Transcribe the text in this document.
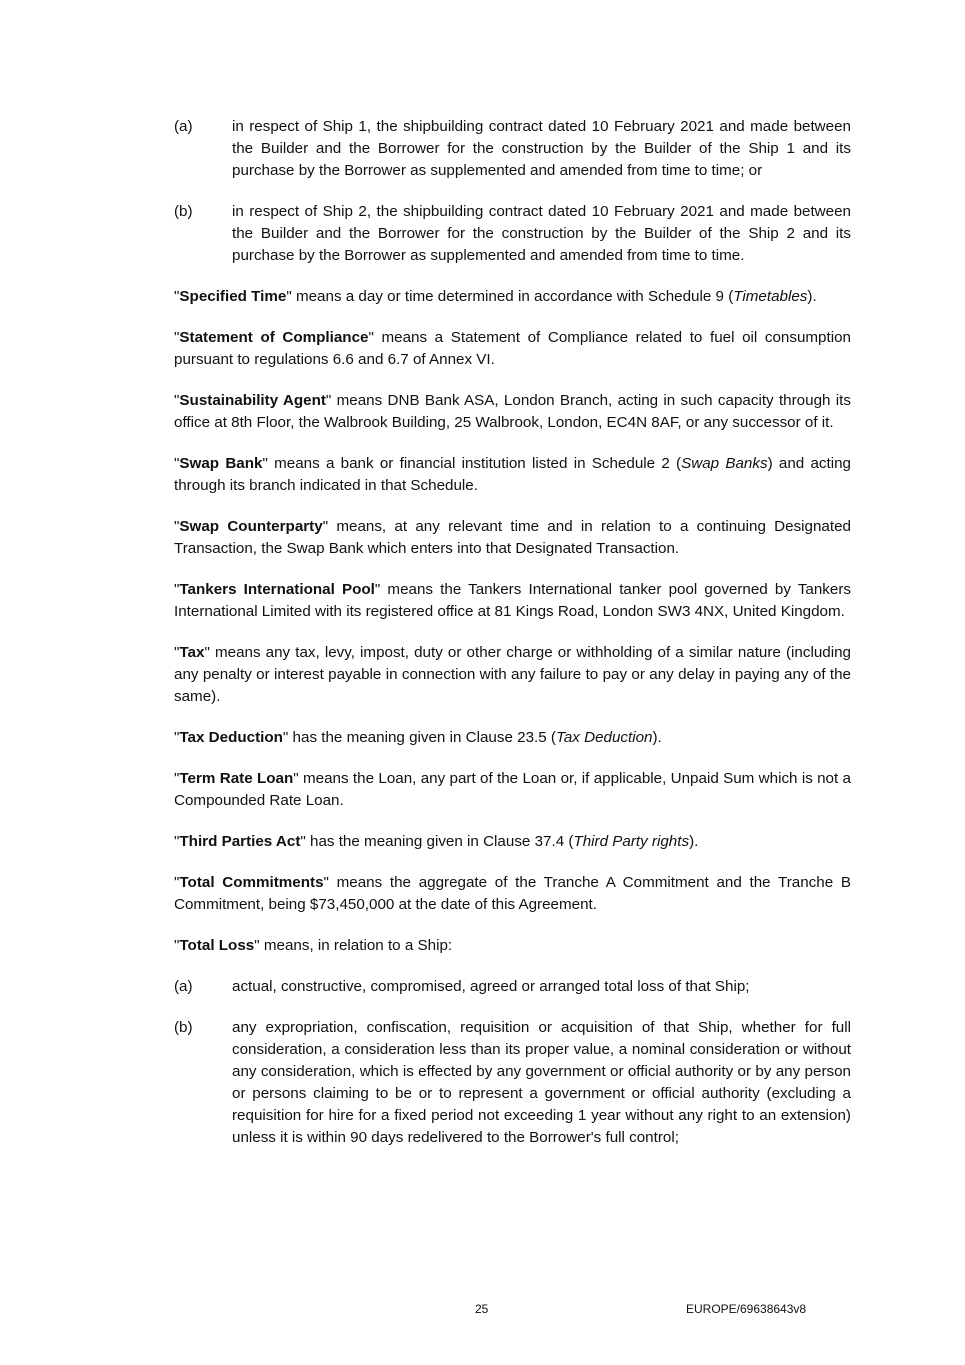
(a)	in respect of Ship 1, the shipbuilding contract dated 10 February 2021 and made between the Builder and the Borrower for the construction by the Builder of the Ship 1 and its purchase by the Borrower as supplemented and amended from time to time; or
(b)	in respect of Ship 2, the shipbuilding contract dated 10 February 2021 and made between the Builder and the Borrower for the construction by the Builder of the Ship 2 and its purchase by the Borrower as supplemented and amended from time to time.

"Specified Time" means a day or time determined in accordance with Schedule 9 (Timetables).

"Statement of Compliance" means a Statement of Compliance related to fuel oil consumption pursuant to regulations 6.6 and 6.7 of Annex VI.

"Sustainability Agent" means DNB Bank ASA, London Branch, acting in such capacity through its office at 8th Floor, the Walbrook Building, 25 Walbrook, London, EC4N 8AF, or any successor of it.

"Swap Bank" means a bank or financial institution listed in Schedule 2 (Swap Banks) and acting through its branch indicated in that Schedule.

"Swap Counterparty" means, at any relevant time and in relation to a continuing Designated Transaction, the Swap Bank which enters into that Designated Transaction.

"Tankers International Pool" means the Tankers International tanker pool governed by Tankers International Limited with its registered office at 81 Kings Road, London SW3 4NX, United Kingdom.

"Tax" means any tax, levy, impost, duty or other charge or withholding of a similar nature (including any penalty or interest payable in connection with any failure to pay or any delay in paying any of the same).

"Tax Deduction" has the meaning given in Clause 23.5 (Tax Deduction).

"Term Rate Loan" means the Loan, any part of the Loan or, if applicable, Unpaid Sum which is not a Compounded Rate Loan.

"Third Parties Act" has the meaning given in Clause 37.4 (Third Party rights).

"Total Commitments" means the aggregate of the Tranche A Commitment and the Tranche B Commitment, being $73,450,000 at the date of this Agreement.

"Total Loss" means, in relation to a Ship:

(a)	actual, constructive, compromised, agreed or arranged total loss of that Ship;
(b)	any expropriation, confiscation, requisition or acquisition of that Ship, whether for full consideration, a consideration less than its proper value, a nominal consideration or without any consideration, which is effected by any government or official authority or by any person or persons claiming to be or to represent a government or official authority (excluding a requisition for hire for a fixed period not exceeding 1 year without any right to an extension) unless it is within 90 days redelivered to the Borrower's full control;
25	EUROPE/69638643v8
